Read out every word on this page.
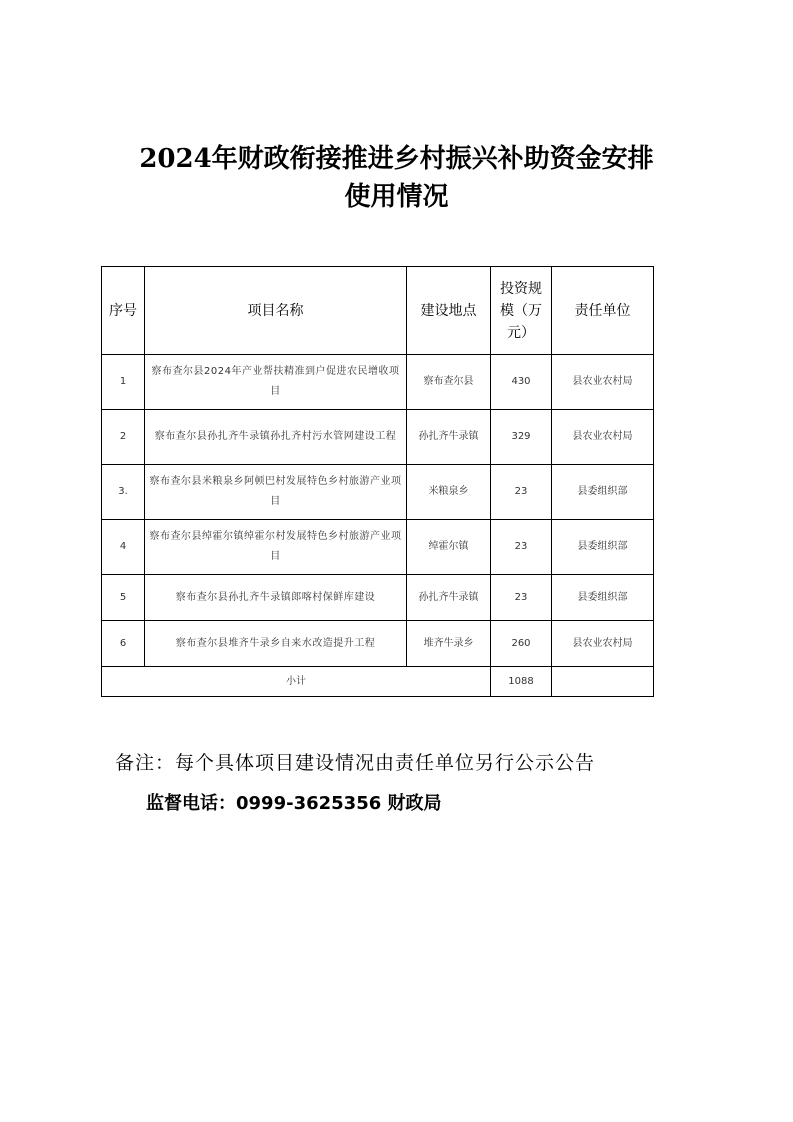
2024年财政衔接推进乡村振兴补助资金安排
使用情况
序号	项目名称	建设地点	投资规模（万元）	责任单位
1	察布查尔县2024年产业帮扶精准到户促进农民增收项目	察布查尔县	430	县农业农村局
2	察布查尔县孙扎齐牛录镇孙扎齐村污水管网建设工程	孙扎齐牛录镇	329	县农业农村局
3.	察布查尔县米粮泉乡阿顿巴村发展特色乡村旅游产业项目	米粮泉乡	23	县委组织部
4	察布查尔县绰霍尔镇绰霍尔村发展特色乡村旅游产业项目	绰霍尔镇	23	县委组织部
5	察布查尔县孙扎齐牛录镇郎喀村保鲜库建设	孙扎齐牛录镇	23	县委组织部
6	察布查尔县堆齐牛录乡自来水改造提升工程	堆齐牛录乡	260	县农业农村局
小计			1088	
备注：每个具体项目建设情况由责任单位另行公示公告
监督电话：0999-3625356 财政局
